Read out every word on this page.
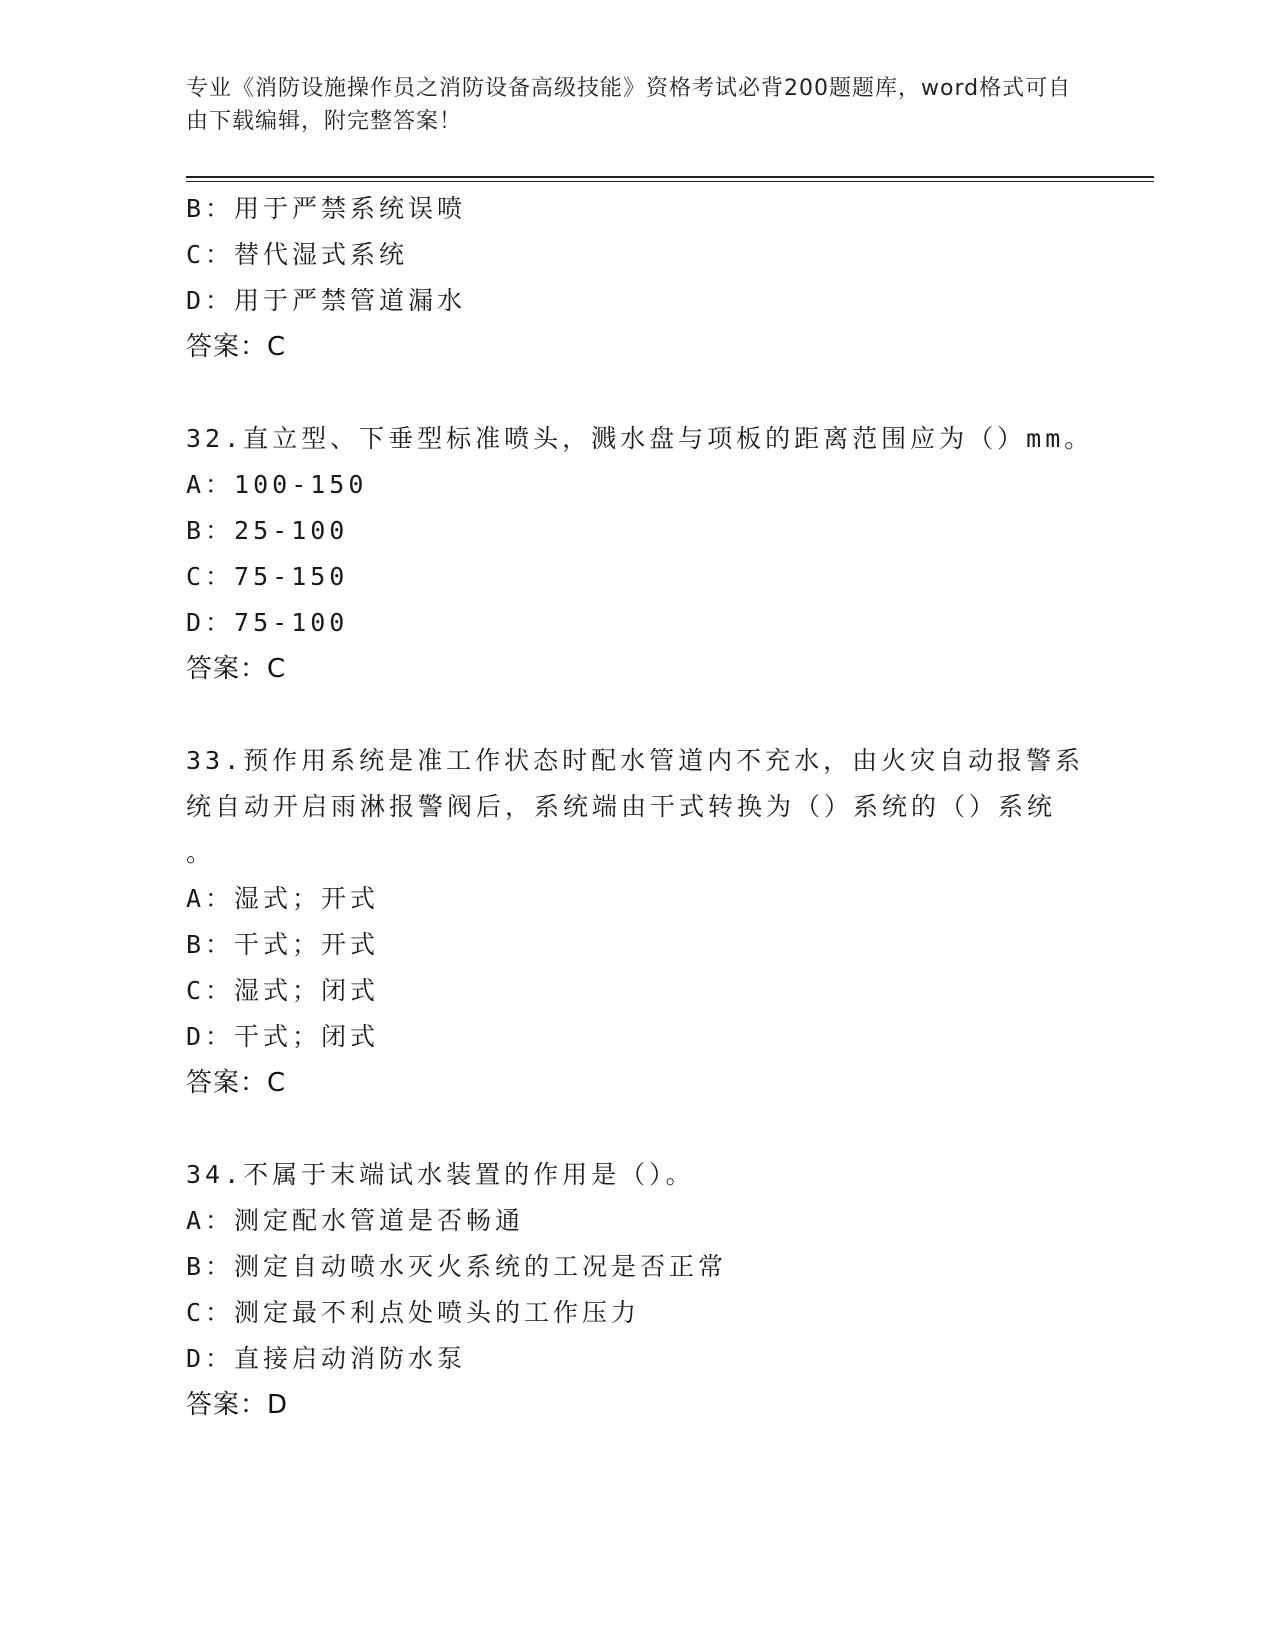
专业《消防设施操作员之消防设备高级技能》资格考试必背200题题库，word格式可自由下载编辑，附完整答案！
B：用于严禁系统误喷
C：替代湿式系统
D：用于严禁管道漏水
答案：C
32.直立型、下垂型标准喷头，溅水盘与项板的距离范围应为（）mm。
A：100-150
B：25-100
C：75-150
D：75-100
答案：C
33.预作用系统是准工作状态时配水管道内不充水，由火灾自动报警系
统自动开启雨淋报警阀后，系统端由干式转换为（）系统的（）系统
。
A：湿式；开式
B：干式；开式
C：湿式；闭式
D：干式；闭式
答案：C
34.不属于末端试水装置的作用是（）。
A：测定配水管道是否畅通
B：测定自动喷水灭火系统的工况是否正常
C：测定最不利点处喷头的工作压力
D：直接启动消防水泵
答案：D
